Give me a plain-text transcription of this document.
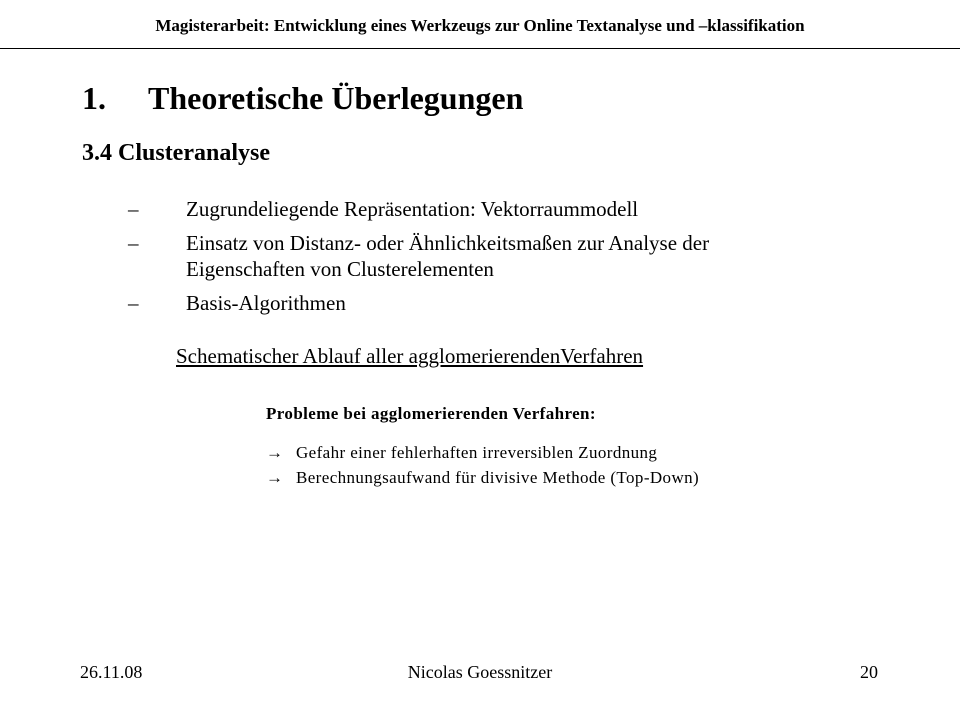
Magisterarbeit: Entwicklung eines Werkzeugs zur Online Textanalyse und –klassifikation
1. Theoretische Überlegungen
3.4 Clusteranalyse
–	Zugrundeliegende Repräsentation: Vektorraummodell
–	Einsatz von Distanz- oder Ähnlichkeitsmaßen zur Analyse der Eigenschaften von Clusterelementen
–	Basis-Algorithmen
Schematischer Ablauf aller agglomerierendenVerfahren
Probleme bei agglomerierenden Verfahren:
→ Gefahr einer fehlerhaften irreversiblen Zuordnung
→ Berechnungsaufwand für divisive Methode (Top-Down)
26.11.08	Nicolas Goessnitzer	20
